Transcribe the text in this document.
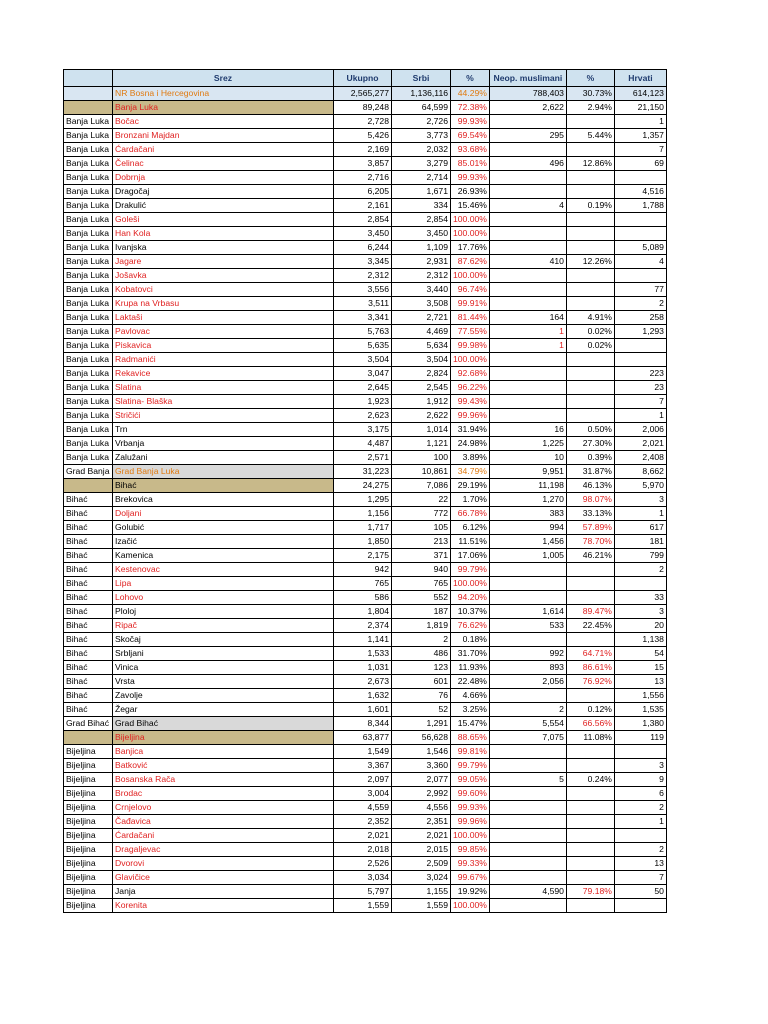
	Srez	Ukupno	Srbi	%	Neop. muslimani	%	Hrvati
	NR Bosna i Hercegovina	2,565,277	1,136,116	44.29%	788,403	30.73%	614,123
	Banja Luka	89,248	64,599	72.38%	2,622	2.94%	21,150
Banja Luka	Bočac	2,728	2,726	99.93%			1
Banja Luka	Bronzani Majdan	5,426	3,773	69.54%	295	5.44%	1,357
Banja Luka	Ćardačani	2,169	2,032	93.68%			7
Banja Luka	Čelinac	3,857	3,279	85.01%	496	12.86%	69
Banja Luka	Dobrnja	2,716	2,714	99.93%			
Banja Luka	Dragočaj	6,205	1,671	26.93%			4,516
Banja Luka	Drakulić	2,161	334	15.46%	4	0.19%	1,788
Banja Luka	Goleši	2,854	2,854	100.00%			
Banja Luka	Han Kola	3,450	3,450	100.00%			
Banja Luka	Ivanjska	6,244	1,109	17.76%			5,089
Banja Luka	Jagare	3,345	2,931	87.62%	410	12.26%	4
Banja Luka	Jošavka	2,312	2,312	100.00%			
Banja Luka	Kobatovci	3,556	3,440	96.74%			77
Banja Luka	Krupa na Vrbasu	3,511	3,508	99.91%			2
Banja Luka	Laktaši	3,341	2,721	81.44%	164	4.91%	258
Banja Luka	Pavlovac	5,763	4,469	77.55%	1	0.02%	1,293
Banja Luka	Piskavica	5,635	5,634	99.98%	1	0.02%	
Banja Luka	Radmanići	3,504	3,504	100.00%			
Banja Luka	Rekavice	3,047	2,824	92.68%			223
Banja Luka	Slatina	2,645	2,545	96.22%			23
Banja Luka	Slatina- Blaška	1,923	1,912	99.43%			7
Banja Luka	Stričići	2,623	2,622	99.96%			1
Banja Luka	Trn	3,175	1,014	31.94%	16	0.50%	2,006
Banja Luka	Vrbanja	4,487	1,121	24.98%	1,225	27.30%	2,021
Banja Luka	Zalužani	2,571	100	3.89%	10	0.39%	2,408
Grad Banja	Grad Banja Luka	31,223	10,861	34.79%	9,951	31.87%	8,662
	Bihać	24,275	7,086	29.19%	11,198	46.13%	5,970
Bihać	Brekovica	1,295	22	1.70%	1,270	98.07%	3
Bihać	Doljani	1,156	772	66.78%	383	33.13%	1
Bihać	Golubić	1,717	105	6.12%	994	57.89%	617
Bihać	Izačić	1,850	213	11.51%	1,456	78.70%	181
Bihać	Kamenica	2,175	371	17.06%	1,005	46.21%	799
Bihać	Kestenovac	942	940	99.79%			2
Bihać	Lipa	765	765	100.00%			
Bihać	Lohovo	586	552	94.20%			33
Bihać	Ploloj	1,804	187	10.37%	1,614	89.47%	3
Bihać	Ripač	2,374	1,819	76.62%	533	22.45%	20
Bihać	Skočaj	1,141	2	0.18%			1,138
Bihać	Srbljani	1,533	486	31.70%	992	64.71%	54
Bihać	Vinica	1,031	123	11.93%	893	86.61%	15
Bihać	Vrsta	2,673	601	22.48%	2,056	76.92%	13
Bihać	Zavolje	1,632	76	4.66%			1,556
Bihać	Žegar	1,601	52	3.25%	2	0.12%	1,535
Grad Bihać	Grad Bihać	8,344	1,291	15.47%	5,554	66.56%	1,380
	Bijeljina	63,877	56,628	88.65%	7,075	11.08%	119
Bijeljina	Banjica	1,549	1,546	99.81%			
Bijeljina	Batković	3,367	3,360	99.79%			3
Bijeljina	Bosanska Rača	2,097	2,077	99.05%	5	0.24%	9
Bijeljina	Brodac	3,004	2,992	99.60%			6
Bijeljina	Crnjelovo	4,559	4,556	99.93%			2
Bijeljina	Čađavica	2,352	2,351	99.96%			1
Bijeljina	Ćardačani	2,021	2,021	100.00%			
Bijeljina	Dragaljevac	2,018	2,015	99.85%			2
Bijeljina	Dvorovi	2,526	2,509	99.33%			13
Bijeljina	Glavičice	3,034	3,024	99.67%			7
Bijeljina	Janja	5,797	1,155	19.92%	4,590	79.18%	50
Bijeljina	Korenita	1,559	1,559	100.00%			
